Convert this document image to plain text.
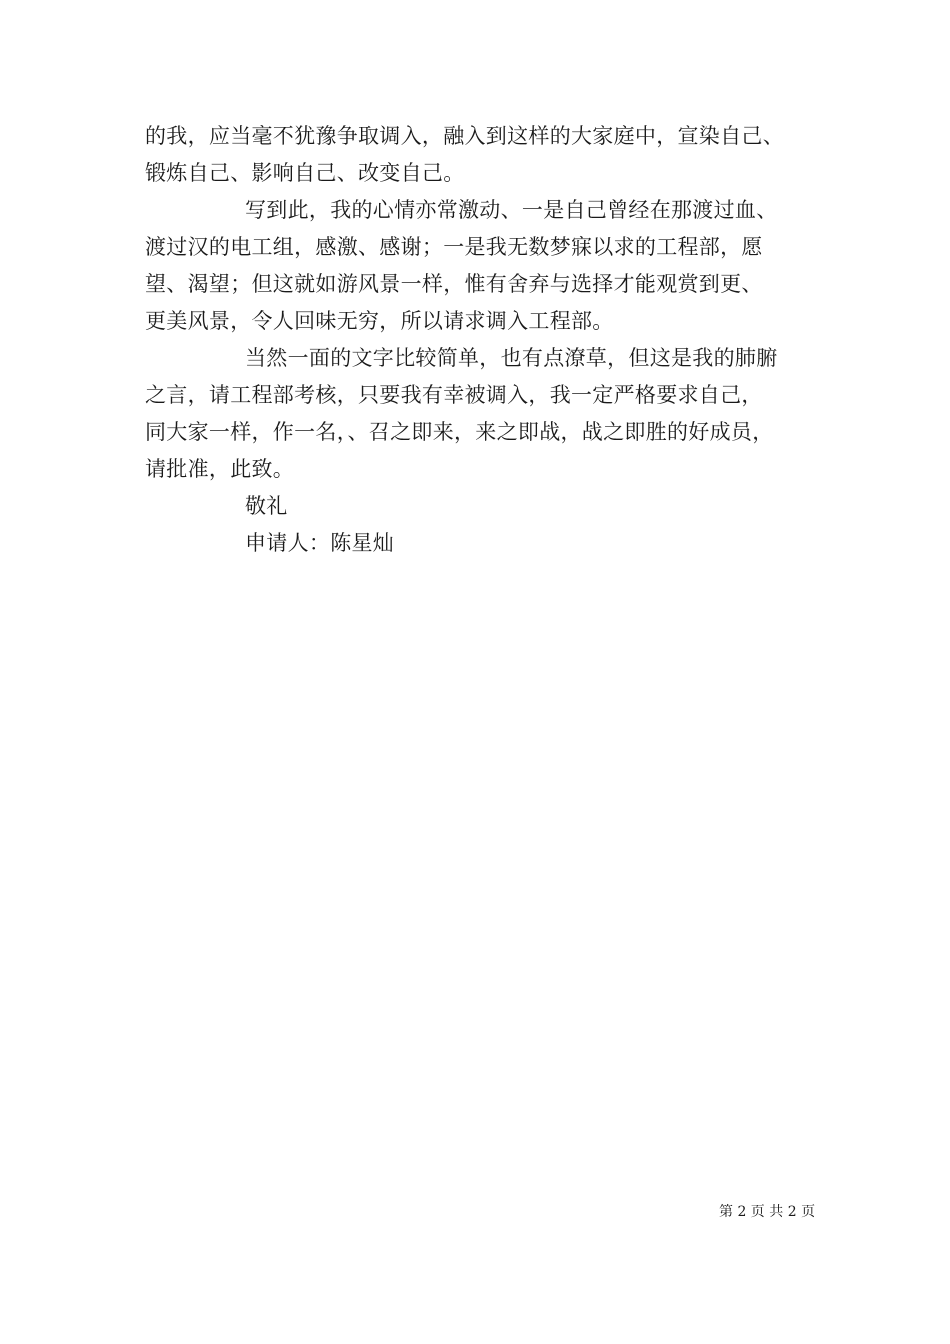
的我，应当毫不犹豫争取调入，融入到这样的大家庭中，宣染自己、
锻炼自己、影响自己、改变自己。
写到此，我的心情亦常激动、一是自己曾经在那渡过血、
渡过汉的电工组，感激、感谢；一是我无数梦寐以求的工程部，愿
望、渴望；但这就如游风景一样，惟有舍弃与选择才能观赏到更、
更美风景，令人回味无穷，所以请求调入工程部。
当然一面的文字比较简单，也有点潦草，但这是我的肺腑
之言，请工程部考核，只要我有幸被调入，我一定严格要求自己，
同大家一样，作一名，、召之即来，来之即战，战之即胜的好成员，
请批准，此致。
敬礼
申请人：陈星灿
第 2 页 共 2 页
